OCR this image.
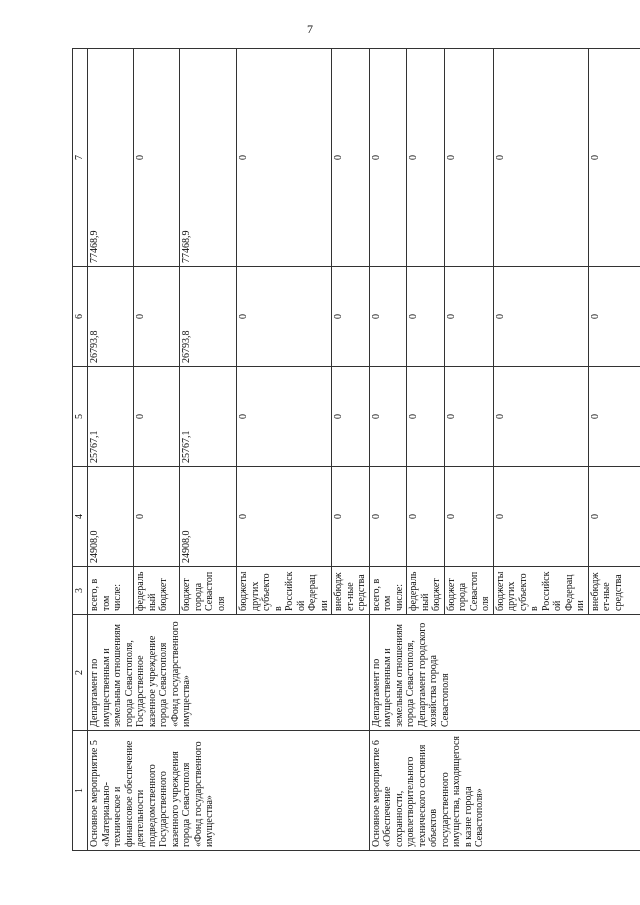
7
1	2	3	4	5	6	7
Основное мероприятие 5 «Материально-техническое и финансовое обеспечение деятельности подведомственного Государственного казенного учреждения города Севастополя «Фонд государственного имущества»	Департамент по имущественным и земельным отношениям города Севастополя, Государственное казенное учреждение города Севастополя «Фонд государственного имущества»	всего, в том числе:	24908,0	25767,1	26793,8	77468,9
		федеральный бюджет	0	0	0	0
		бюджет города Севастополя	24908,0	25767,1	26793,8	77468,9
		бюджеты других субъектов Российской Федерации	0	0	0	0
		внебюджет-ные средства	0	0	0	0
Основное мероприятие 6 «Обеспечение сохранности, удовлетворительного технического состояния объектов государственного имущества, находящегося в казне города Севастополя»	Департамент по имущественным и земельным отношениям города Севастополя, Департамент городского хозяйства города Севастополя	всего, в том числе:	0	0	0	0
		федеральный бюджет	0	0	0	0
		бюджет города Севастополя	0	0	0	0
		бюджеты других субъектов Российской Федерации	0	0	0	0
		внебюджет-ные средства	0	0	0	0
